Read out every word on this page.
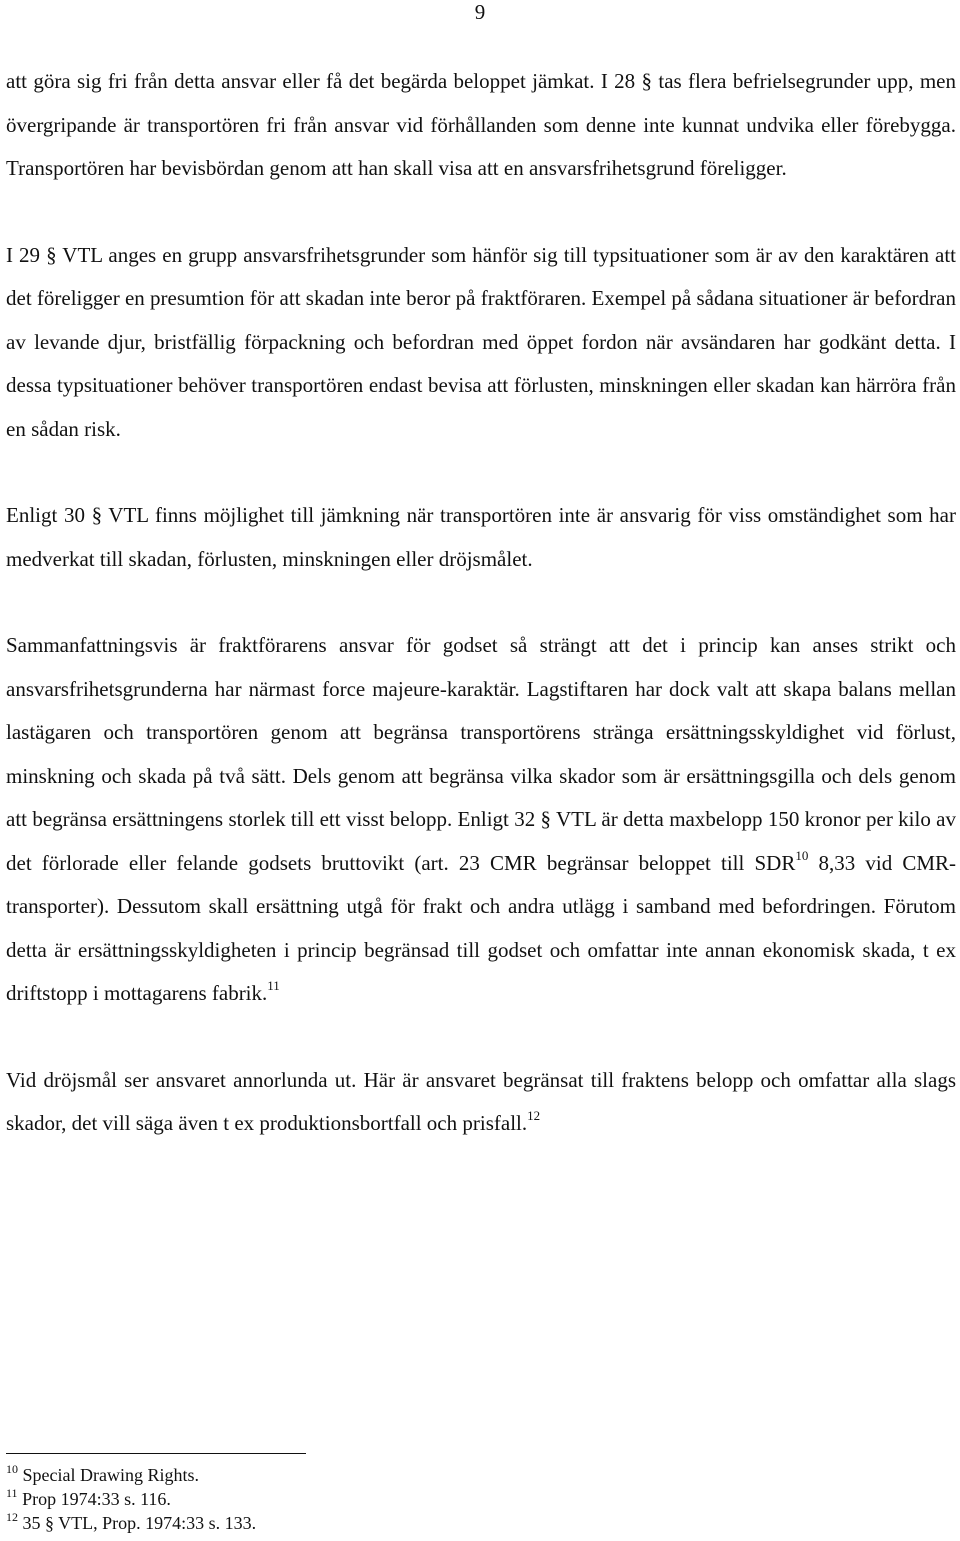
9

att göra sig fri från detta ansvar eller få det begärda beloppet jämkat. I 28 § tas flera befrielsegrunder upp, men övergripande är transportören fri från ansvar vid förhållanden som denne inte kunnat undvika eller förebygga. Transportören har bevisbördan genom att han skall visa att en ansvarsfrihetsgrund föreligger.

I 29 § VTL anges en grupp ansvarsfrihetsgrunder som hänför sig till typsituationer som är av den karaktären att det föreligger en presumtion för att skadan inte beror på fraktföraren. Exempel på sådana situationer är befordran av levande djur, bristfällig förpackning och befordran med öppet fordon när avsändaren har godkänt detta. I dessa typsituationer behöver transportören endast bevisa att förlusten, minskningen eller skadan kan härröra från en sådan risk.

Enligt 30 § VTL finns möjlighet till jämkning när transportören inte är ansvarig för viss omständighet som har medverkat till skadan, förlusten, minskningen eller dröjsmålet.

Sammanfattningsvis är fraktförarens ansvar för godset så strängt att det i princip kan anses strikt och ansvarsfrihetsgrunderna har närmast force majeure-karaktär. Lagstiftaren har dock valt att skapa balans mellan lastägaren och transportören genom att begränsa transportörens stränga ersättningsskyldighet vid förlust, minskning och skada på två sätt. Dels genom att begränsa vilka skador som är ersättningsgilla och dels genom att begränsa ersättningens storlek till ett visst belopp. Enligt 32 § VTL är detta maxbelopp 150 kronor per kilo av det förlorade eller felande godsets bruttovikt (art. 23 CMR begränsar beloppet till SDR$^{10}$ 8,33 vid CMR-transporter). Dessutom skall ersättning utgå för frakt och andra utlägg i samband med befordringen. Förutom detta är ersättningsskyldigheten i princip begränsad till godset och omfattar inte annan ekonomisk skada, t ex driftstopp i mottagarens fabrik.$^{11}$

Vid dröjsmål ser ansvaret annorlunda ut. Här är ansvaret begränsat till fraktens belopp och omfattar alla slags skador, det vill säga även t ex produktionsbortfall och prisfall.$^{12}$

$^{10}$ Special Drawing Rights.

$^{11}$ Prop 1974:33 s. 116.

$^{12}$ 35 § VTL, Prop. 1974:33 s. 133.
